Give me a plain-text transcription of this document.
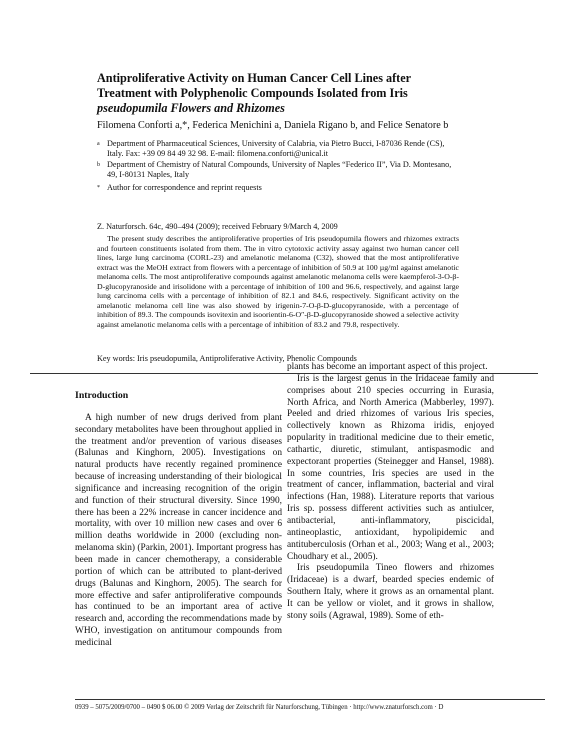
Antiproliferative Activity on Human Cancer Cell Lines after
Treatment with Polyphenolic Compounds Isolated from Iris
pseudopumila Flowers and Rhizomes
Filomena Conforti a,*, Federica Menichini a, Daniela Rigano b, and Felice Senatore b
a Department of Pharmaceutical Sciences, University of Calabria, via Pietro Bucci, I-87036 Rende (CS), Italy. Fax: +39 09 84 49 32 98. E-mail: filomena.conforti@unical.it
b Department of Chemistry of Natural Compounds, University of Naples “Federico II”, Via D. Montesano, 49, I-80131 Naples, Italy
* Author for correspondence and reprint requests
Z. Naturforsch. 64c, 490–494 (2009); received February 9/March 4, 2009
The present study describes the antiproliferative properties of Iris pseudopumila flowers and rhizomes extracts and fourteen constituents isolated from them. The in vitro cytotoxic activity assay against two human cancer cell lines, large lung carcinoma (CORL-23) and amelanotic melanoma (C32), showed that the most antiproliferative extract was the MeOH extract from flowers with a percentage of inhibition of 50.9 at 100 µg/ml against amelanotic melanoma cells. The most antiproliferative compounds against amelanotic melanoma cells were kaempferol-3-O-β-D-glucopyranoside and irisolidone with a percentage of inhibition of 100 and 96.6, respectively, and against large lung carcinoma cells with a percentage of inhibition of 82.1 and 84.6, respectively. Significant activity on the amelanotic melanoma cell line was also showed by irigenin-7-O-β-D-glucopyranoside, with a percentage of inhibition of 89.3. The compounds isovitexin and isoorientin-6-O″-β-D-glucopyranoside showed a selective activity against amelanotic melanoma cells with a percentage of inhibition of 83.2 and 79.8, respectively.
Key words: Iris pseudopumila, Antiproliferative Activity, Phenolic Compounds

Introduction

A high number of new drugs derived from plant secondary metabolites have been throughout applied in the treatment and/or prevention of various diseases (Balunas and Kinghorn, 2005). Investigations on natural products have recently regained prominence because of increasing understanding of their biological significance and increasing recognition of the origin and function of their structural diversity. Since 1990, there has been a 22% increase in cancer incidence and mortality, with over 10 million new cases and over 6 million deaths worldwide in 2000 (excluding non-melanoma skin) (Parkin, 2001). Important progress has been made in cancer chemotherapy, a considerable portion of which can be attributed to plant-derived drugs (Balunas and Kinghorn, 2005). The search for more effective and safer antiproliferative compounds has continued to be an important area of active research and, according the recommendations made by WHO, investigation on antitumour compounds from medicinal

plants has become an important aspect of this project.

Iris is the largest genus in the Iridaceae family and comprises about 210 species occurring in Eurasia, North Africa, and North America (Mabberley, 1997). Peeled and dried rhizomes of various Iris species, collectively known as Rhizoma iridis, enjoyed popularity in traditional medicine due to their emetic, cathartic, diuretic, stimulant, antispasmodic and expectorant properties (Steinegger and Hansel, 1988). In some countries, Iris species are used in the treatment of cancer, inflammation, bacterial and viral infections (Han, 1988). Literature reports that various Iris sp. possess different activities such as antiulcer, antibacterial, anti-inflammatory, piscicidal, antineoplastic, antioxidant, hypolipidemic and antituberculosis (Orhan et al., 2003; Wang et al., 2003; Choudhary et al., 2005).

Iris pseudopumila Tineo flowers and rhizomes (Iridaceae) is a dwarf, bearded species endemic of Southern Italy, where it grows as an ornamental plant. It can be yellow or violet, and it grows in shallow, stony soils (Agrawal, 1989). Some of eth-

0939 – 5075/2009/0700 – 0490 $ 06.00 © 2009 Verlag der Zeitschrift für Naturforschung, Tübingen · http://www.znaturforsch.com · D
